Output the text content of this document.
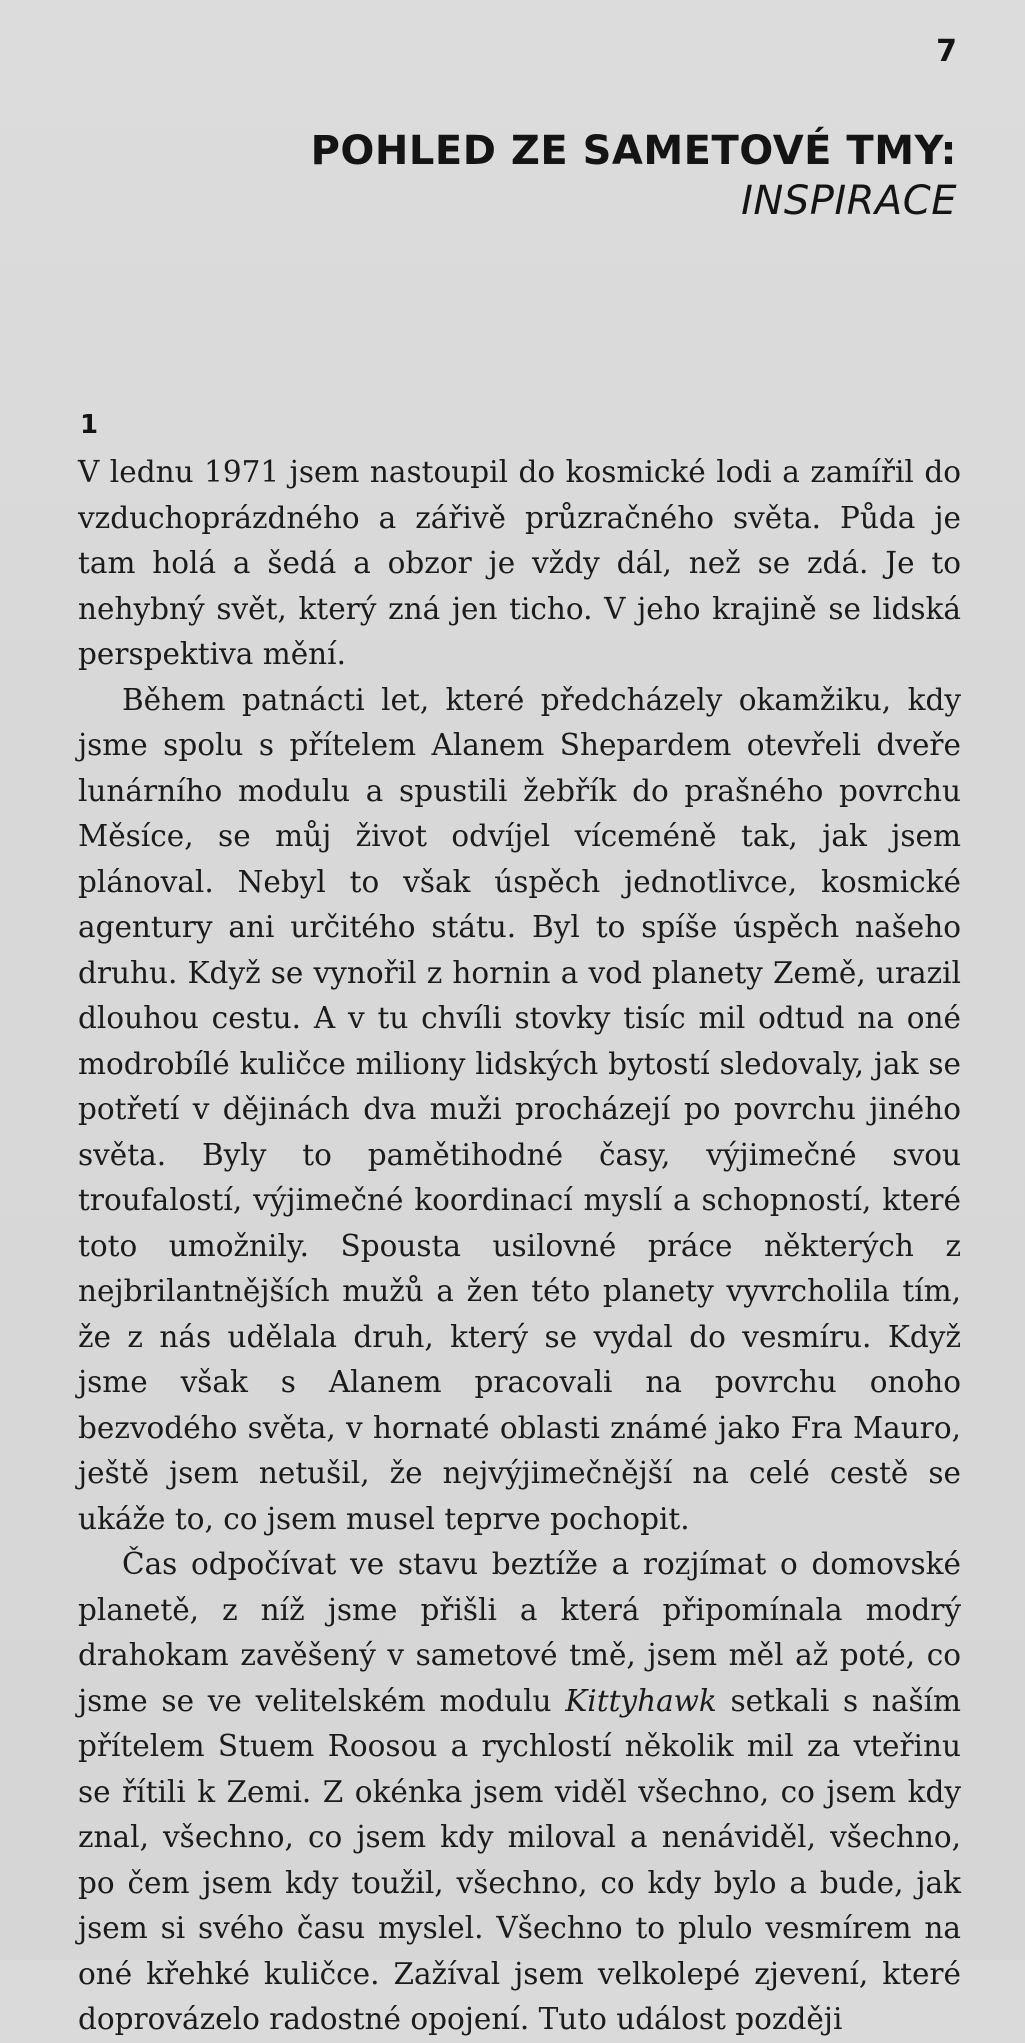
7
POHLED ZE SAMETOVÉ TMY:
INSPIRACE
1

V lednu 1971 jsem nastoupil do kosmické lodi a zamířil do vzduchoprázdného a zářivě průzračného světa. Půda je tam holá a šedá a obzor je vždy dál, než se zdá. Je to nehybný svět, který zná jen ticho. V jeho krajině se lidská perspektiva mění.

Během patnácti let, které předcházely okamžiku, kdy jsme spolu s přítelem Alanem Shepardem otevřeli dveře lunárního modulu a spustili žebřík do prašného povrchu Měsíce, se můj život odvíjel víceméně tak, jak jsem plánoval. Nebyl to však úspěch jednotlivce, kosmické agentury ani určitého státu. Byl to spíše úspěch našeho druhu. Když se vynořil z hornin a vod planety Země, urazil dlouhou cestu. A v tu chvíli stovky tisíc mil odtud na oné modrobílé kuličce miliony lidských bytostí sledovaly, jak se potřetí v dějinách dva muži procházejí po povrchu jiného světa. Byly to pamětihodné časy, výjimečné svou troufalostí, výjimečné koordinací myslí a schopností, které toto umožnily. Spousta usilovné práce některých z nejbrilantnějších mužů a žen této planety vyvrcholila tím, že z nás udělala druh, který se vydal do vesmíru. Když jsme však s Alanem pracovali na povrchu onoho bezvodého světa, v hornaté oblasti známé jako Fra Mauro, ještě jsem netušil, že nejvýjimečnější na celé cestě se ukáže to, co jsem musel teprve pochopit.

Čas odpočívat ve stavu beztíže a rozjímat o domovské planetě, z níž jsme přišli a která připomínala modrý drahokam zavěšený v sametové tmě, jsem měl až poté, co jsme se ve velitelském modulu Kittyhawk setkali s naším přítelem Stuem Roosou a rychlostí několik mil za vteřinu se řítili k Zemi. Z okénka jsem viděl všechno, co jsem kdy znal, všechno, co jsem kdy miloval a nenáviděl, všechno, po čem jsem kdy toužil, všechno, co kdy bylo a bude, jak jsem si svého času myslel. Všechno to plulo vesmírem na oné křehké kuličce. Zažíval jsem velkolepé zjevení, které doprovázelo radostné opojení. Tuto událost později
